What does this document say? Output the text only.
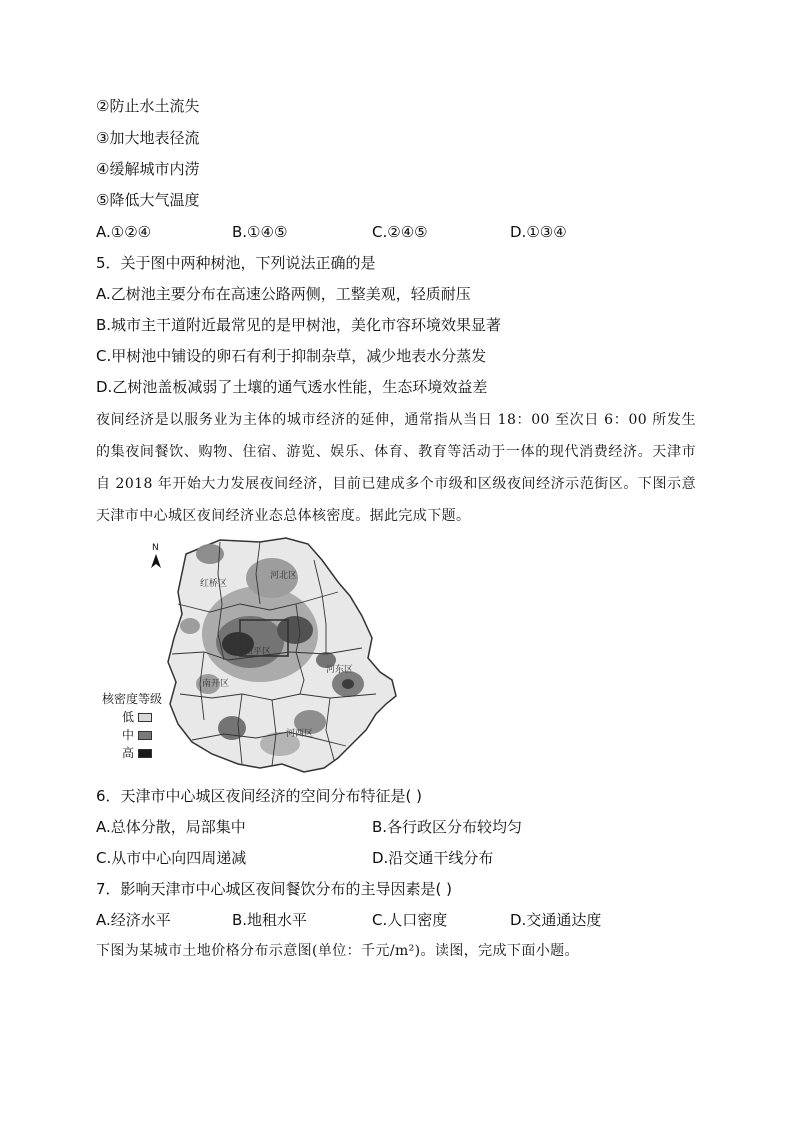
②防止水土流失
③加大地表径流
④缓解城市内涝
⑤降低大气温度
A.①②④	B.①④⑤	C.②④⑤	D.①③④
5．关于图中两种树池，下列说法正确的是
A.乙树池主要分布在高速公路两侧，工整美观，轻质耐压
B.城市主干道附近最常见的是甲树池，美化市容环境效果显著
C.甲树池中铺设的卵石有利于抑制杂草，减少地表水分蒸发
D.乙树池盖板减弱了土壤的通气透水性能，生态环境效益差
夜间经济是以服务业为主体的城市经济的延伸，通常指从当日 18：00 至次日 6：00 所发生的集夜间餐饮、购物、住宿、游览、娱乐、体育、教育等活动于一体的现代消费经济。天津市自 2018 年开始大力发展夜间经济，目前已建成多个市级和区级夜间经济示范街区。下图示意天津市中心城区夜间经济业态总体核密度。据此完成下题。
N
红桥区
河北区
南开区
河东区
河西区
和平区
核密度等级
低
中
高
6．天津市中心城区夜间经济的空间分布特征是( )
A.总体分散，局部集中	B.各行政区分布较均匀
C.从市中心向四周递减	D.沿交通干线分布
7．影响天津市中心城区夜间餐饮分布的主导因素是( )
A.经济水平	B.地租水平	C.人口密度	D.交通通达度
下图为某城市土地价格分布示意图(单位：千元/m²)。读图，完成下面小题。
